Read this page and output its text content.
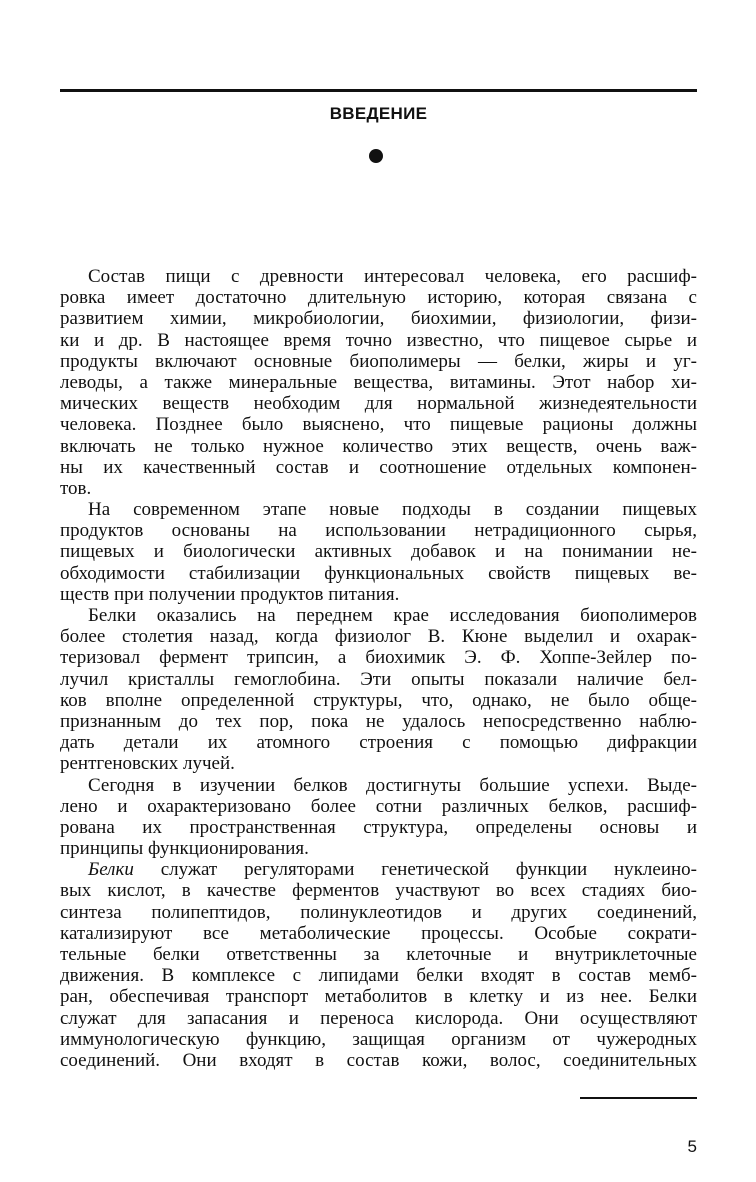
ВВЕДЕНИЕ
Состав пищи с древности интересовал человека, его расшиф-
ровка имеет достаточно длительную историю, которая связана с
развитием химии, микробиологии, биохимии, физиологии, физи-
ки и др. В настоящее время точно известно, что пищевое сырье и
продукты включают основные биополимеры — белки, жиры и уг-
леводы, а также минеральные вещества, витамины. Этот набор хи-
мических веществ необходим для нормальной жизнедеятельности
человека. Позднее было выяснено, что пищевые рационы должны
включать не только нужное количество этих веществ, очень важ-
ны их качественный состав и соотношение отдельных компонен-
тов.
На современном этапе новые подходы в создании пищевых
продуктов основаны на использовании нетрадиционного сырья,
пищевых и биологически активных добавок и на понимании не-
обходимости стабилизации функциональных свойств пищевых ве-
ществ при получении продуктов питания.
Белки оказались на переднем крае исследования биополимеров
более столетия назад, когда физиолог В. Кюне выделил и охарак-
теризовал фермент трипсин, а биохимик Э. Ф. Хоппе-Зейлер по-
лучил кристаллы гемоглобина. Эти опыты показали наличие бел-
ков вполне определенной структуры, что, однако, не было обще-
признанным до тех пор, пока не удалось непосредственно наблю-
дать детали их атомного строения с помощью дифракции
рентгеновских лучей.
Сегодня в изучении белков достигнуты большие успехи. Выде-
лено и охарактеризовано более сотни различных белков, расшиф-
рована их пространственная структура, определены основы и
принципы функционирования.
Белки служат регуляторами генетической функции нуклеино-
вых кислот, в качестве ферментов участвуют во всех стадиях био-
синтеза полипептидов, полинуклеотидов и других соединений,
катализируют все метаболические процессы. Особые сократи-
тельные белки ответственны за клеточные и внутриклеточные
движения. В комплексе с липидами белки входят в состав мемб-
ран, обеспечивая транспорт метаболитов в клетку и из нее. Белки
служат для запасания и переноса кислорода. Они осуществляют
иммунологическую функцию, защищая организм от чужеродных
соединений. Они входят в состав кожи, волос, соединительных
5
